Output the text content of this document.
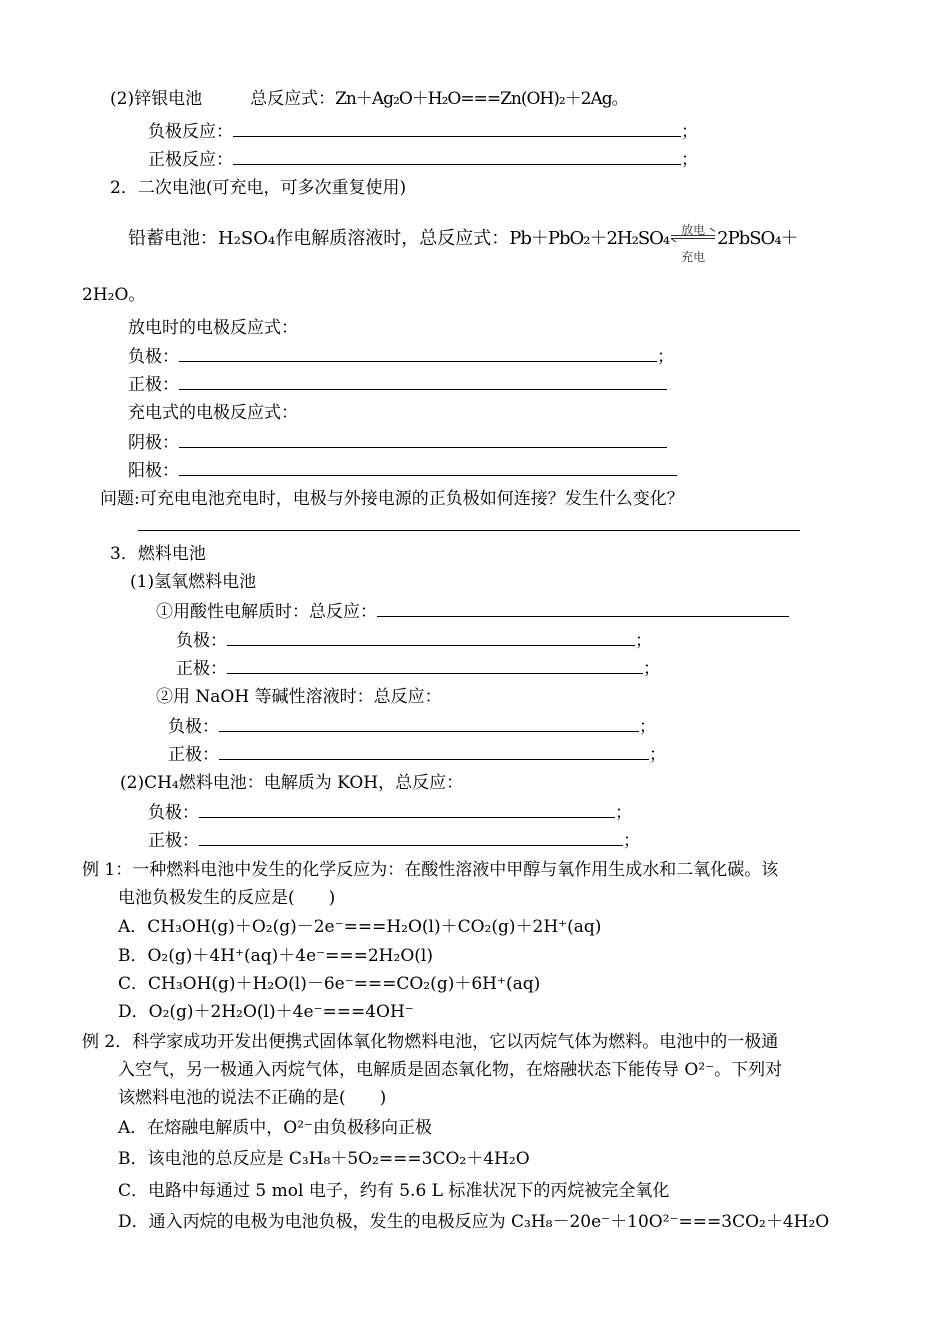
(2)锌银电池	总反应式：Zn＋Ag₂O＋H₂O===Zn(OH)₂＋2Ag。
负极反应：	；
正极反应：	；
2．二次电池(可充电，可多次重复使用)
铅蓄电池：H₂SO₄作电解质溶液时，总反应式：Pb＋PbO₂＋2H₂SO₄ 放电
充电
2PbSO₄＋
2H₂O。
放电时的电极反应式：
负极：	；
正极：
充电式的电极反应式：
阴极：
阳极：
问题:可充电电池充电时，电极与外接电源的正负极如何连接？发生什么变化？
3．燃料电池
(1)氢氧燃料电池
①用酸性电解质时：总反应：
负极：	；
正极：	；
②用 NaOH 等碱性溶液时：总反应：
负极：	；
正极：	；
(2)CH₄燃料电池：电解质为 KOH，总反应：
负极：	；
正极：	；
例 1：一种燃料电池中发生的化学反应为：在酸性溶液中甲醇与氧作用生成水和二氧化碳。该
电池负极发生的反应是(　　)
A．CH₃OH(g)＋O₂(g)－2e⁻===H₂O(l)＋CO₂(g)＋2H⁺(aq)
B．O₂(g)＋4H⁺(aq)＋4e⁻===2H₂O(l)
C．CH₃OH(g)＋H₂O(l)－6e⁻===CO₂(g)＋6H⁺(aq)
D．O₂(g)＋2H₂O(l)＋4e⁻===4OH⁻
例 2．科学家成功开发出便携式固体氧化物燃料电池，它以丙烷气体为燃料。电池中的一极通
入空气，另一极通入丙烷气体，电解质是固态氧化物，在熔融状态下能传导 O²⁻。下列对
该燃料电池的说法不正确的是(　　)
A．在熔融电解质中，O²⁻由负极移向正极
B．该电池的总反应是 C₃H₈＋5O₂===3CO₂＋4H₂O
C．电路中每通过 5 mol 电子，约有 5.6 L 标准状况下的丙烷被完全氧化
D．通入丙烷的电极为电池负极，发生的电极反应为 C₃H₈－20e⁻＋10O²⁻===3CO₂＋4H₂O
